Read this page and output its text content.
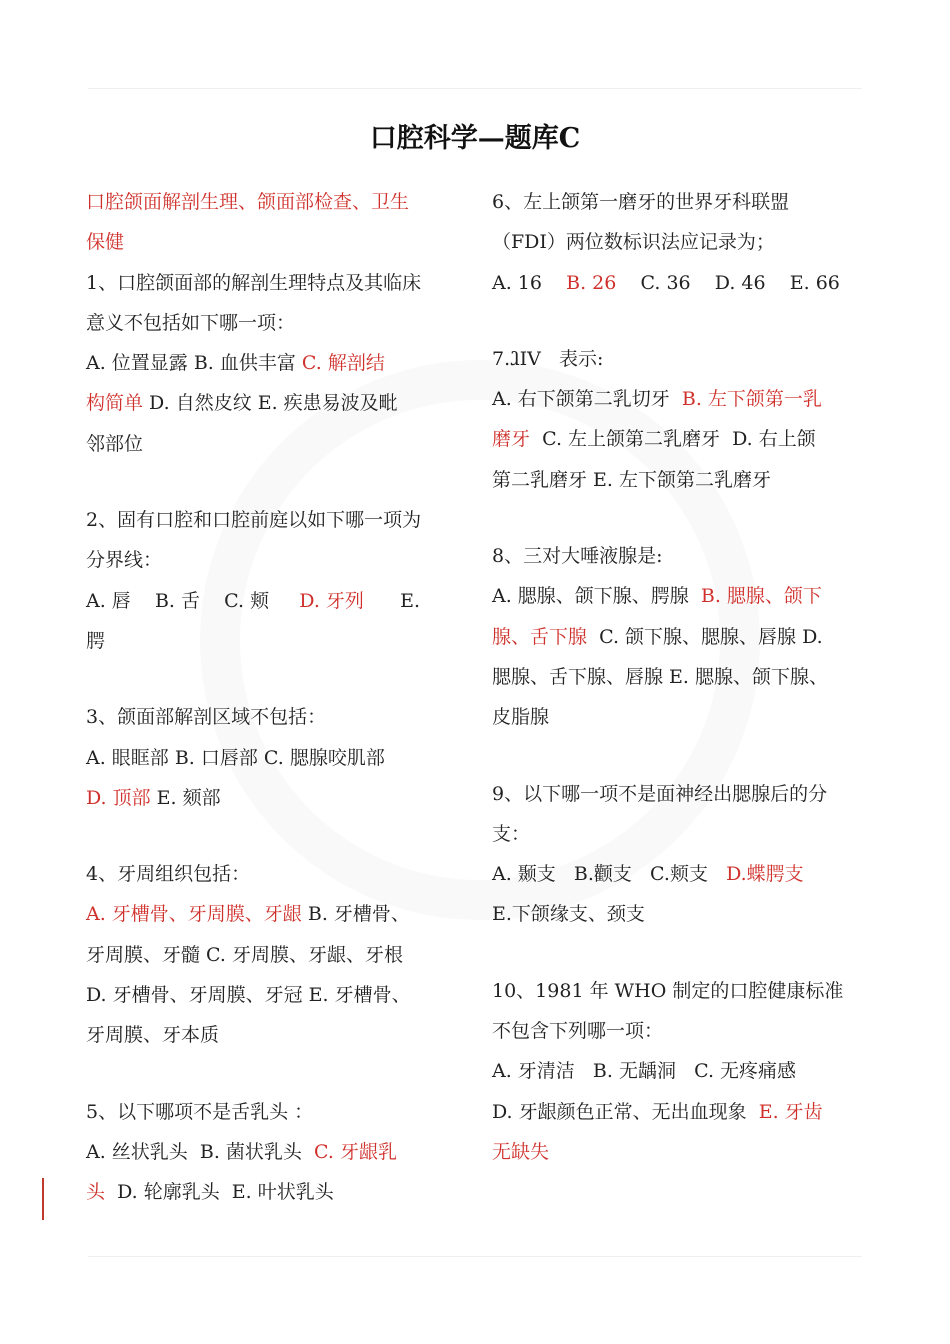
口腔科学—题库C
口腔颌面解剖生理、颌面部检查、卫生
保健
1、口腔颌面部的解剖生理特点及其临床
意义不包括如下哪一项：
A. 位置显露 B. 血供丰富 C. 解剖结
构简单 D. 自然皮纹 E. 疾患易波及毗
邻部位
2、固有口腔和口腔前庭以如下哪一项为
分界线：
A. 唇    B. 舌    C. 颊     D. 牙列      E.
腭
3、颌面部解剖区域不包括：
A. 眼眶部 B. 口唇部 C. 腮腺咬肌部
D. 顶部 E. 颏部
4、牙周组织包括：
A. 牙槽骨、牙周膜、牙龈 B. 牙槽骨、
牙周膜、牙髓 C. 牙周膜、牙龈、牙根
D. 牙槽骨、牙周膜、牙冠 E. 牙槽骨、
牙周膜、牙本质
5、以下哪项不是舌乳头 ：
A. 丝状乳头  B. 菌状乳头  C. 牙龈乳
头  D. 轮廓乳头  E. 叶状乳头
6、左上颌第一磨牙的世界牙科联盟
（FDI）两位数标识法应记录为；
A. 16    B. 26    C. 36    D. 46    E. 66
7.ⱹIV   表示:
A. 右下颌第二乳切牙  B. 左下颌第一乳
磨牙  C. 左上颌第二乳磨牙  D. 右上颌
第二乳磨牙 E. 左下颌第二乳磨牙
8、三对大唾液腺是:
A. 腮腺、颌下腺、腭腺  B. 腮腺、颌下
腺、舌下腺  C. 颌下腺、腮腺、唇腺 D.
腮腺、舌下腺、唇腺 E. 腮腺、颌下腺、
皮脂腺
9、以下哪一项不是面神经出腮腺后的分
支：
A. 颞支   B.颧支   C.颊支   D.蝶腭支
E.下颌缘支、颈支
10、1981 年 WHO 制定的口腔健康标准
不包含下列哪一项：
A. 牙清洁   B. 无龋洞   C. 无疼痛感
D. 牙龈颜色正常、无出血现象  E. 牙齿
无缺失
